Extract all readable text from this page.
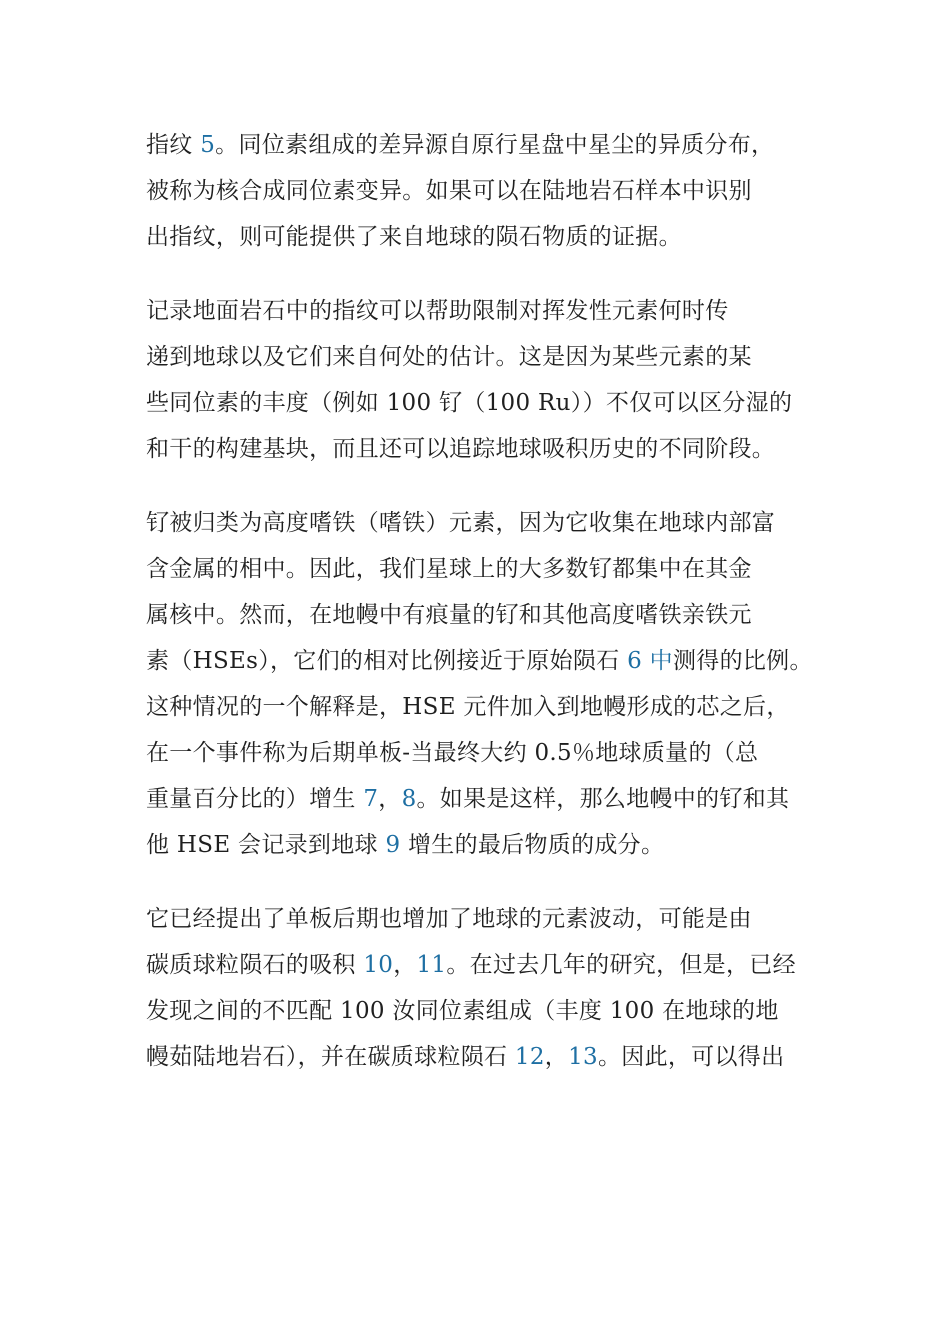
指纹 5。同位素组成的差异源自原行星盘中星尘的异质分布，
被称为核合成同位素变异。如果可以在陆地岩石样本中识别
出指纹，则可能提供了来自地球的陨石物质的证据。
记录地面岩石中的指纹可以帮助限制对挥发性元素何时传
递到地球以及它们来自何处的估计。这是因为某些元素的某
些同位素的丰度（例如 100 钌（100 Ru））不仅可以区分湿的
和干的构建基块，而且还可以追踪地球吸积历史的不同阶段。
钌被归类为高度嗜铁（嗜铁）元素，因为它收集在地球内部富
含金属的相中。因此，我们星球上的大多数钌都集中在其金
属核中。然而，在地幔中有痕量的钌和其他高度嗜铁亲铁元
素（HSEs），它们的相对比例接近于原始陨石 6 中测得的比例。
这种情况的一个解释是，HSE 元件加入到地幔形成的芯之后，
在一个事件称为后期单板-当最终大约 0.5％地球质量的（总
重量百分比的）增生 7，8。如果是这样，那么地幔中的钌和其
他 HSE 会记录到地球 9 增生的最后物质的成分。
它已经提出了单板后期也增加了地球的元素波动，可能是由
碳质球粒陨石的吸积 10，11。在过去几年的研究，但是，已经
发现之间的不匹配 100 汝同位素组成（丰度 100 在地球的地
幔茹陆地岩石），并在碳质球粒陨石 12，13。因此，可以得出
